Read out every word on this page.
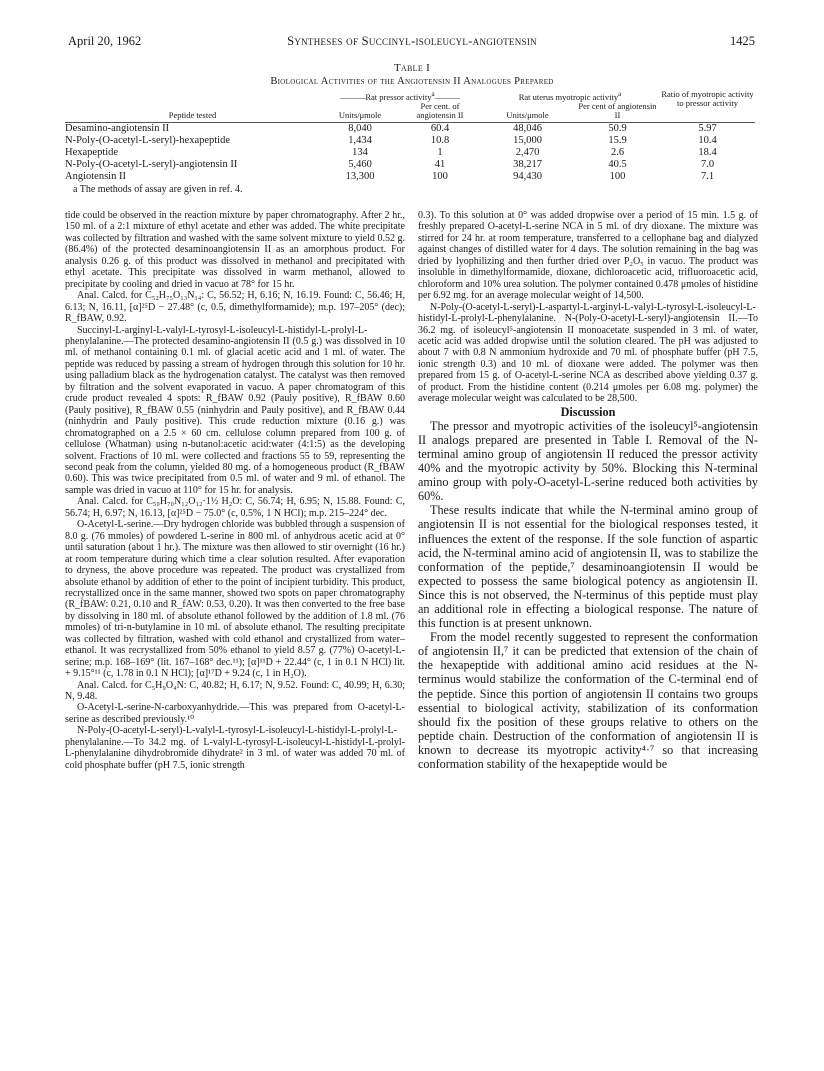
April 20, 1962	Syntheses of Succinyl-isoleucyl-angiotensin	1425
Table I
Biological Activities of the Angiotensin II Analogues Prepared
	———Rat pressor activity$^a$———		Rat uterus myotropic activity$^a$		Ratio of myotropic activity to pressor activity
Peptide tested	Units/μmole	Per cent. of angiotensin II	Units/μmole	Per cent of angiotensin II	
Desamino-angiotensin II	8,040	60.4	48,046	50.9	5.97
N-Poly-(O-acetyl-L-seryl)-hexapeptide	1,434	10.8	15,000	15.9	10.4
Hexapeptide	134	1	2,470	2.6	18.4
N-Poly-(O-acetyl-L-seryl)-angiotensin II	5,460	41	38,217	40.5	7.0
Angiotensin II	13,300	100	94,430	100	7.1
a The methods of assay are given in ref. 4.					

tide could be observed in the reaction mixture by paper chromatography. After 2 hr., 150 ml. of a 2:1 mixture of ethyl acetate and ether was added. The white precipitate was collected by filtration and washed with the same solvent mixture to yield 0.52 g. (86.4%) of the protected desaminoangiotensin II as an amorphous product. For analysis 0.26 g. of this product was dissolved in methanol and precipitated with ethyl acetate. This precipitate was dissolved in warm methanol, allowed to precipitate by cooling and dried in vacuo at 78° for 15 hr.

Anal. Calcd. for C₅₂H₇₅O₁₃N₁₄: C, 56.52; H, 6.16; N, 16.19. Found: C, 56.46; H, 6.13; N, 16.11, [α]²⁵D − 27.48° (c, 0.5, dimethylformamide); m.p. 197–205° (dec); R_fBAW, 0.92.

Succinyl-L-arginyl-L-valyl-L-tyrosyl-L-isoleucyl-L-histidyl-L-prolyl-L-phenylalanine.—The protected desamino-angiotensin II (0.5 g.) was dissolved in 10 ml. of methanol containing 0.1 ml. of glacial acetic acid and 1 ml. of water. The peptide was reduced by passing a stream of hydrogen through this solution for 10 hr. using palladium black as the hydrogenation catalyst. The catalyst was then removed by filtration and the solvent evaporated in vacuo. A paper chromatogram of this crude product revealed 4 spots: R_fBAW 0.92 (Pauly positive), R_fBAW 0.60 (Pauly positive), R_fBAW 0.55 (ninhydrin and Pauly positive), and R_fBAW 0.44 (ninhydrin and Pauly positive). This crude reduction mixture (0.16 g.) was chromatographed on a 2.5 × 60 cm. cellulose column prepared from 100 g. of cellulose (Whatman) using n-butanol:acetic acid:water (4:1:5) as the developing solvent. Fractions of 10 ml. were collected and fractions 55 to 59, representing the second peak from the column, yielded 80 mg. of a homogeneous product (R_fBAW 0.60). This was twice precipitated from 0.5 ml. of water and 9 ml. of ethanol. The sample was dried in vacuo at 110° for 15 hr. for analysis.

Anal. Calcd. for C₅₀H₇₀N₁₂O₁₂·1½ H₂O: C, 56.74; H, 6.95; N, 15.88. Found: C, 56.74; H, 6.97; N, 16.13, [α]²⁵D − 75.0° (c, 0.5%, 1 N HCl); m.p. 215–224° dec.

O-Acetyl-L-serine.—Dry hydrogen chloride was bubbled through a suspension of 8.0 g. (76 mmoles) of powdered L-serine in 800 ml. of anhydrous acetic acid at 0° until saturation (about 1 hr.). The mixture was then allowed to stir overnight (16 hr.) at room temperature during which time a clear solution resulted. After evaporation to dryness, the above procedure was repeated. The product was crystallized from absolute ethanol by addition of ether to the point of incipient turbidity. This product, recrystallized once in the same manner, showed two spots on paper chromatography (R_fBAW: 0.21, 0.10 and R_fAW: 0.53, 0.20). It was then converted to the free base by dissolving in 180 ml. of absolute ethanol followed by the addition of 1.8 ml. (76 mmoles) of tri-n-butylamine in 10 ml. of absolute ethanol. The resulting precipitate was collected by filtration, washed with cold ethanol and crystallized from water–ethanol. It was recrystallized from 50% ethanol to yield 8.57 g. (77%) O-acetyl-L-serine; m.p. 168–169° (lit. 167–168° dec.¹¹); [α]¹¹D + 22.44° (c, 1 in 0.1 N HCl) lit. + 9.15°¹¹ (c, 1.78 in 0.1 N HCl); [α]¹⁷D + 9.24 (c, 1 in H₂O).

Anal. Calcd. for C₅H₉O₄N: C, 40.82; H, 6.17; N, 9.52. Found: C, 40.99; H, 6.30; N, 9.48.

O-Acetyl-L-serine-N-carboxyanhydride.—This was prepared from O-acetyl-L-serine as described previously.¹⁰

N-Poly-(O-acetyl-L-seryl)-L-valyl-L-tyrosyl-L-isoleucyl-L-histidyl-L-prolyl-L-phenylalanine.—To 34.2 mg. of L-valyl-L-tyrosyl-L-isoleucyl-L-histidyl-L-prolyl-L-phenylalanine dihydrobromide dihydrate² in 3 ml. of water was added 70 ml. of cold phosphate buffer (pH 7.5, ionic strength

0.3). To this solution at 0° was added dropwise over a period of 15 min. 1.5 g. of freshly prepared O-acetyl-L-serine NCA in 5 ml. of dry dioxane. The mixture was stirred for 24 hr. at room temperature, transferred to a cellophane bag and dialyzed against changes of distilled water for 4 days. The solution remaining in the bag was dried by lyophilizing and then further dried over P₂O₅ in vacuo. The product was insoluble in dimethylformamide, dioxane, dichloroacetic acid, trifluoroacetic acid, chloroform and 10% urea solution. The polymer contained 0.478 μmoles of histidine per 6.92 mg. for an average molecular weight of 14,500.

N-Poly-(O-acetyl-L-seryl)-L-aspartyl-L-arginyl-L-valyl-L-tyrosyl-L-isoleucyl-L-histidyl-L-prolyl-L-phenylalanine. N-(Poly-O-acetyl-L-seryl)-angiotensin II.—To 36.2 mg. of isoleucyl⁵-angiotensin II monoacetate suspended in 3 ml. of water, acetic acid was added dropwise until the solution cleared. The pH was adjusted to about 7 with 0.8 N ammonium hydroxide and 70 ml. of phosphate buffer (pH 7.5, ionic strength 0.3) and 10 ml. of dioxane were added. The polymer was then prepared from 15 g. of O-acetyl-L-serine NCA as described above yielding 0.37 g. of product. From the histidine content (0.214 μmoles per 6.08 mg. polymer) the average molecular weight was calculated to be 28,500.

Discussion

The pressor and myotropic activities of the isoleucyl⁵-angiotensin II analogs prepared are presented in Table I. Removal of the N-terminal amino group of angiotensin II reduced the pressor activity 40% and the myotropic activity by 50%. Blocking this N-terminal amino group with poly-O-acetyl-L-serine reduced both activities by 60%.

These results indicate that while the N-terminal amino group of angiotensin II is not essential for the biological responses tested, it influences the extent of the response. If the sole function of aspartic acid, the N-terminal amino acid of angiotensin II, was to stabilize the conformation of the peptide,⁷ desaminoangiotensin II would be expected to possess the same biological potency as angiotensin II. Since this is not observed, the N-terminus of this peptide must play an additional role in effecting a biological response. The nature of this function is at present unknown.

From the model recently suggested to represent the conformation of angiotensin II,⁷ it can be predicted that extension of the chain of the hexapeptide with additional amino acid residues at the N-terminus would stabilize the conformation of the C-terminal end of the peptide. Since this portion of angiotensin II contains two groups essential to biological activity, stabilization of its conformation should fix the position of these groups relative to others on the peptide chain. Destruction of the conformation of angiotensin II is known to decrease its myotropic activity⁴·⁷ so that increasing conformation stability of the hexapeptide would be
